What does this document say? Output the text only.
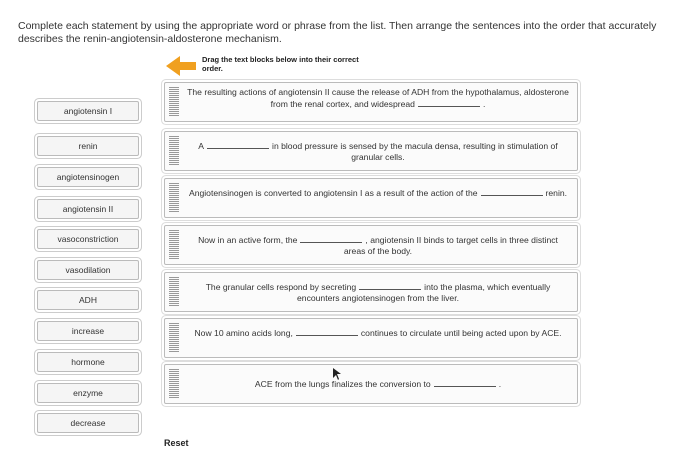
Complete each statement by using the appropriate word or phrase from the list. Then arrange the sentences into the order that accurately describes the renin-angiotensin-aldosterone mechanism.
Drag the text blocks below into their correct order.
angiotensin I
renin
angiotensinogen
angiotensin II
vasoconstriction
vasodilation
ADH
increase
hormone
enzyme
decrease
The resulting actions of angiotensin II cause the release of ADH from the hypothalamus, aldosterone from the renal cortex, and widespread	.
A	in blood pressure is sensed by the macula densa, resulting in stimulation of granular cells.
Angiotensinogen is converted to angiotensin I as a result of the action of the	renin.
Now in an active form, the	, angiotensin II binds to target cells in three distinct areas of the body.
The granular cells respond by secreting	into the plasma, which eventually encounters angiotensinogen from the liver.
Now 10 amino acids long,	continues to circulate until being acted upon by ACE.
ACE from the lungs finalizes the conversion to	.
Reset
